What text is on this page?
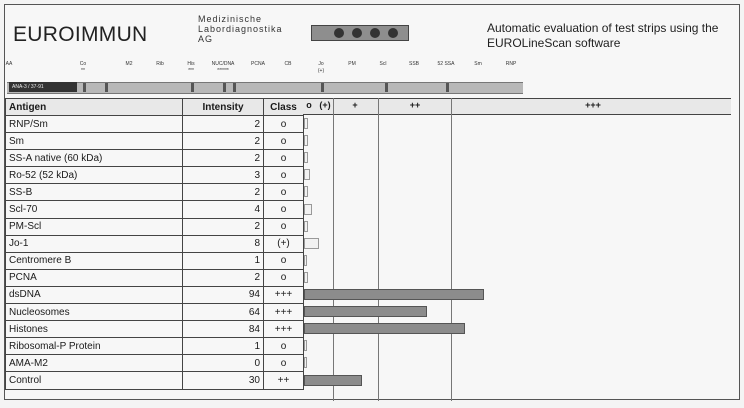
EUROIMMUN
Medizinische
Labordiagnostika
AG
Automatic evaluation of test strips using the
EUROLineScan software
ANA-3 / 37-91
AA	Co
**
M2	Rib	His
***
NUC/DNA
******
PCNA	CB	Jo
(+)
PM	Scl	SSB	52 SSA	Sm	RNP
Antigen	Intensity	Class
RNP/Sm	2	o
Sm	2	o
SS-A native (60 kDa)	2	o
Ro-52 (52 kDa)	3	o
SS-B	2	o
Scl-70	4	o
PM-Scl	2	o
Jo-1	8	(+)
Centromere B	1	o
PCNA	2	o
dsDNA	94	+++
Nucleosomes	64	+++
Histones	84	+++
Ribosomal-P Protein	1	o
AMA-M2	0	o
Control	30	++
o (+) +	++	+++
